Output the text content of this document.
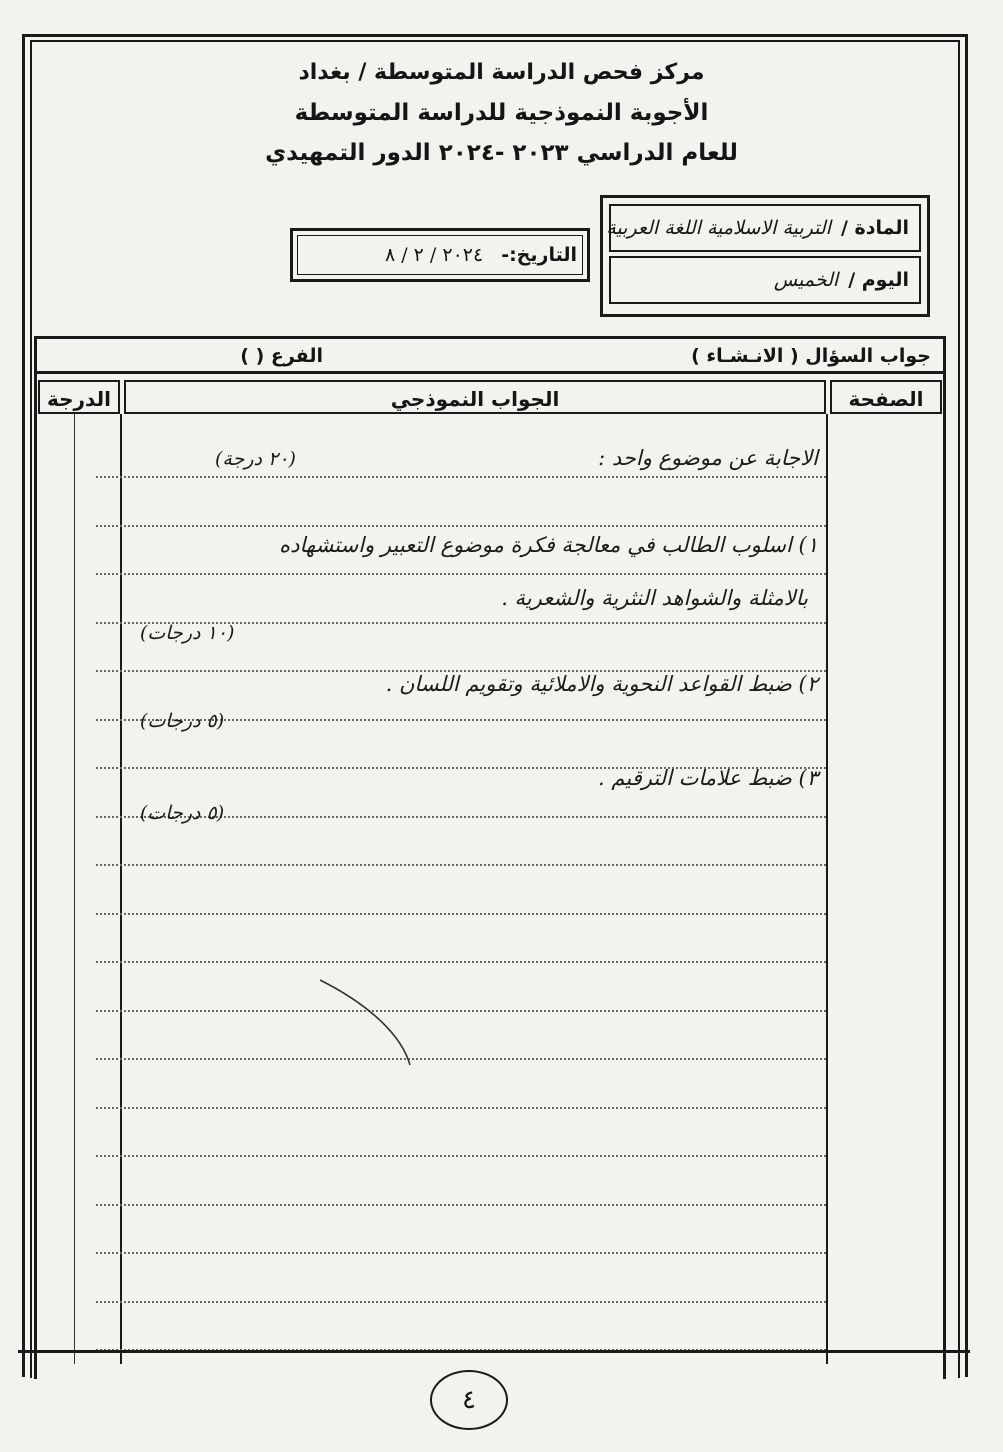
مركز فحص الدراسة المتوسطة / بغداد
الأجوبة النموذجية للدراسة المتوسطة
للعام الدراسي ٢٠٢٣ -٢٠٢٤ الدور التمهيدي
المادة /
التربية الاسلامية اللغة العربية
اليوم /
الخميس
التاريخ:-
٢٠٢٤ / ٢ / ٨
جواب السؤال ( الانـشـاء )
الفرع ( )
الصفحة
الجواب النموذجي
الدرجة
الاجابة عن موضوع واحد :
(٢٠ درجة)
١) اسلوب الطالب في معالجة فكرة موضوع التعبير واستشهاده
بالامثلة والشواهد النثرية والشعرية .
(١٠ درجات)
٢) ضبط القواعد النحوية والاملائية وتقويم اللسان .
(٥ درجات)
٣) ضبط علامات الترقيم .
(٥ درجات)
٤
